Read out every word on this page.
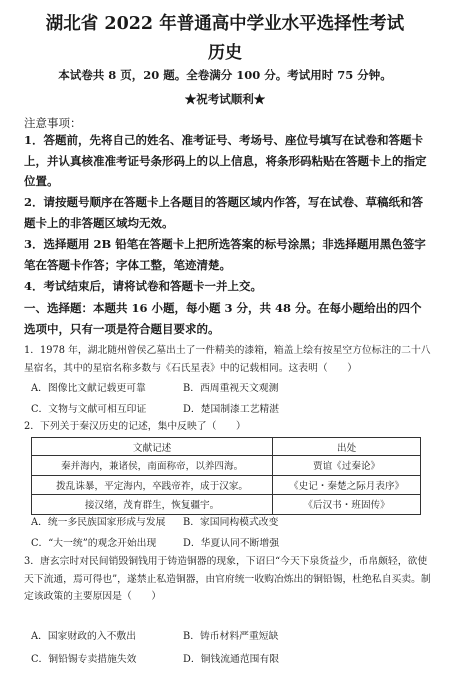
湖北省 2022 年普通高中学业水平选择性考试
历史
本试卷共 8 页，20 题。全卷满分 100 分。考试用时 75 分钟。
★祝考试顺利★
注意事项：
1．答题前，先将自己的姓名、准考证号、考场号、座位号填写在试卷和答题卡上，并认真核准准考证号条形码上的以上信息，将条形码粘贴在答题卡上的指定位置。
2．请按题号顺序在答题卡上各题目的答题区域内作答，写在试卷、草稿纸和答题卡上的非答题区域均无效。
3．选择题用 2B 铅笔在答题卡上把所选答案的标号涂黑；非选择题用黑色签字笔在答题卡作答；字体工整，笔迹清楚。
4．考试结束后，请将试卷和答题卡一并上交。
一、选择题：本题共 16 小题，每小题 3 分，共 48 分。在每小题给出的四个选项中，只有一项是符合题目要求的。
1．1978 年，湖北随州曾侯乙墓出土了一件精美的漆箱，箱盖上绘有按星空方位标注的二十八星宿名，其中的星宿名称多数与《石氏星表》中的记载相同。这表明（　　）
A．图像比文献记载更可靠	B．西周重视天文观测
C．文物与文献可相互印证	D．楚国制漆工艺精湛
2．下列关于秦汉历史的记述，集中反映了（　　）
文献记述	出处
秦并海内，兼诸侯，南面称帝，以养四海。	贾谊《过秦论》
拨乱诛暴，平定海内，卒践帝祚，成于汉家。	《史记・秦楚之际月表序》
接汉绪，茂育群生，恢复疆宇。	《后汉书・班固传》
A．统一多民族国家形成与发展 B．家国同构模式改变
C．“大一统”的观念开始出现	D．华夏认同不断增强
3．唐玄宗时对民间销毁铜钱用于铸造铜器的现象，下诏曰“今天下泉货益少，币帛颇轻，欲使天下流通，焉可得也”，遂禁止私造铜器，由官府统一收购冶炼出的铜铅锡，杜绝私自买卖。制定该政策的主要原因是（　　）
A．国家财政的入不敷出	B．铸币材料严重短缺
C．铜铅锡专卖措施失效	D．铜钱流通范围有限
